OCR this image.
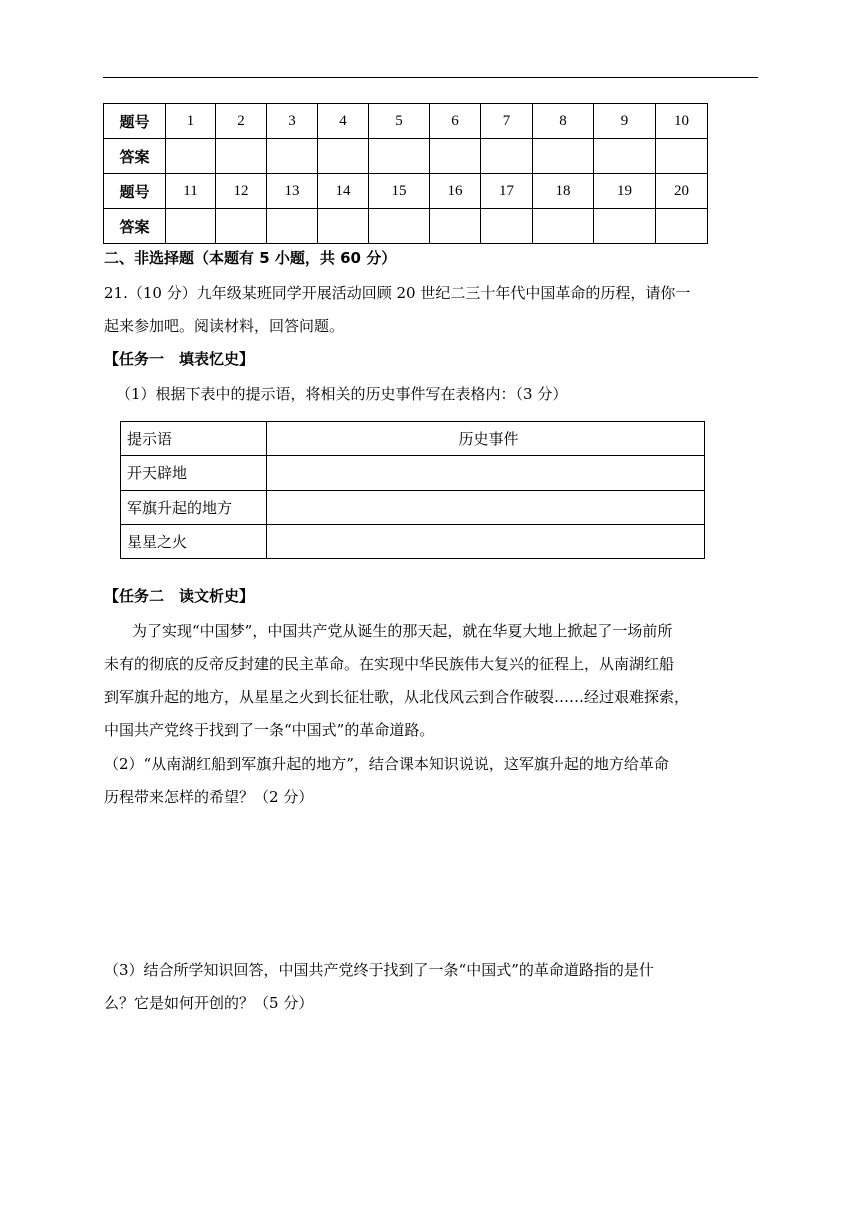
题号	1	2	3	4	5	6	7	8	9	10
答案										
题号	11	12	13	14	15	16	17	18	19	20
答案										
二、非选择题（本题有 5 小题，共 60 分）
21.（10 分）九年级某班同学开展活动回顾 20 世纪二三十年代中国革命的历程，请你一
起来参加吧。阅读材料，回答问题。
【任务一　填表忆史】
（1）根据下表中的提示语，将相关的历史事件写在表格内：（3 分）
提示语	历史事件
开天辟地	
军旗升起的地方	
星星之火	
【任务二　读文析史】
为了实现“中国梦”，中国共产党从诞生的那天起，就在华夏大地上掀起了一场前所
未有的彻底的反帝反封建的民主革命。在实现中华民族伟大复兴的征程上，从南湖红船
到军旗升起的地方，从星星之火到长征壮歌，从北伐风云到合作破裂……经过艰难探索，
中国共产党终于找到了一条“中国式”的革命道路。
（2）“从南湖红船到军旗升起的地方”，结合课本知识说说，这军旗升起的地方给革命
历程带来怎样的希望？（2 分）
（3）结合所学知识回答，中国共产党终于找到了一条“中国式”的革命道路指的是什
么？它是如何开创的？（5 分）
